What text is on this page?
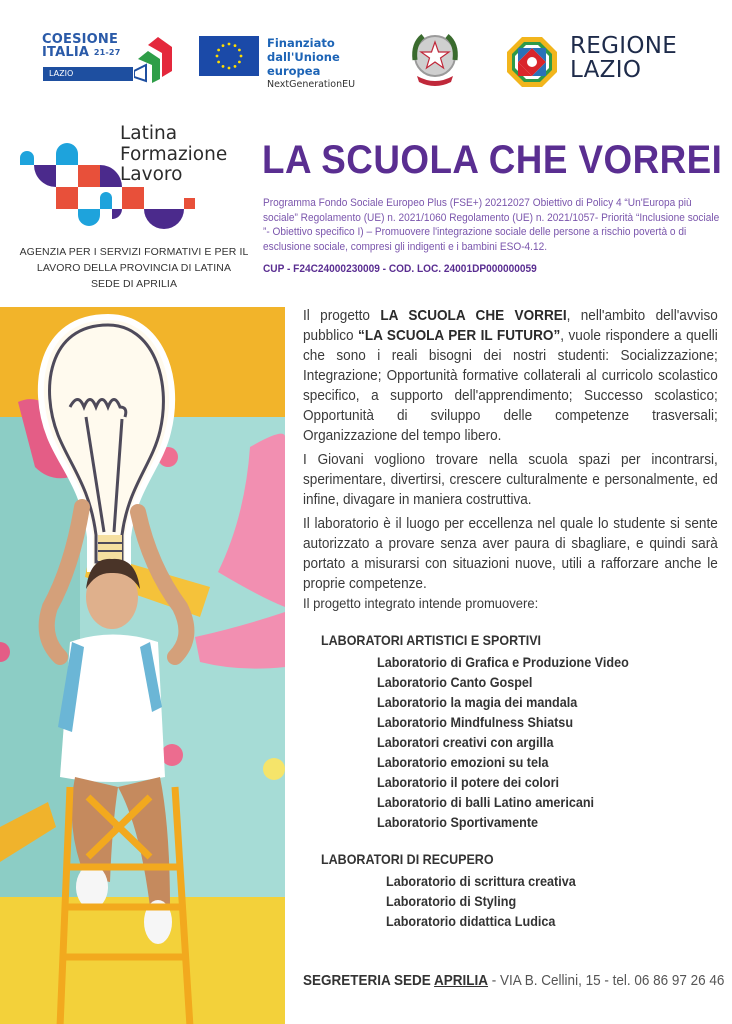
COESIONE
ITALIA $^{21-27}$
LAZIO
Finanziato
dall'Unione europea
NextGenerationEU
REGIONE
LAZIO
Latina
Formazione
Lavoro
AGENZIA PER I SERVIZI FORMATIVI E PER IL
LAVORO DELLA PROVINCIA DI LATINA
SEDE DI APRILIA
LA SCUOLA CHE VORREI
Programma Fondo Sociale Europeo Plus (FSE+) 20212027 Obiettivo di Policy 4 “Un'Europa più sociale” Regolamento (UE) n. 2021/1060 Regolamento (UE) n. 2021/1057- Priorità “Inclusione sociale ”- Obiettivo specifico I) – Promuovere l'integrazione sociale delle persone a rischio povertà o di esclusione sociale, compresi gli indigenti e i bambini ESO-4.12.
CUP - F24C24000230009 - COD. LOC. 24001DP000000059

Il progetto LA SCUOLA CHE VORREI, nell'ambito dell'avviso pubblico “LA SCUOLA PER IL FUTURO”, vuole rispondere a quelli che sono i reali bisogni dei nostri studenti: Socializzazione; Integrazione; Opportunità formative collaterali al curricolo scolastico specifico, a supporto dell'apprendimento; Successo scolastico; Opportunità di sviluppo delle competenze trasversali; Organizzazione del tempo libero.

I Giovani vogliono trovare nella scuola spazi per incontrarsi, sperimentare, divertirsi, crescere culturalmente e personalmente, ed infine, divagare in maniera costruttiva.

Il laboratorio è il luogo per eccellenza nel quale lo studente si sente autorizzato a provare senza aver paura di sbagliare, e quindi sarà portato a misurarsi con situazioni nuove, utili a rafforzare anche le proprie competenze.

Il progetto integrato intende promuovere:
LABORATORI ARTISTICI E SPORTIVI
Laboratorio di Grafica e Produzione Video
Laboratorio Canto Gospel
Laboratorio la magia dei mandala
Laboratorio Mindfulness Shiatsu
Laboratori creativi con argilla
Laboratorio emozioni su tela
Laboratorio il potere dei colori
Laboratorio di balli Latino americani
Laboratorio Sportivamente
LABORATORI DI RECUPERO
Laboratorio di scrittura creativa
Laboratorio di Styling
Laboratorio didattica Ludica
SEGRETERIA SEDE APRILIA - VIA B. Cellini, 15 - tel. 06 86 97 26 46
